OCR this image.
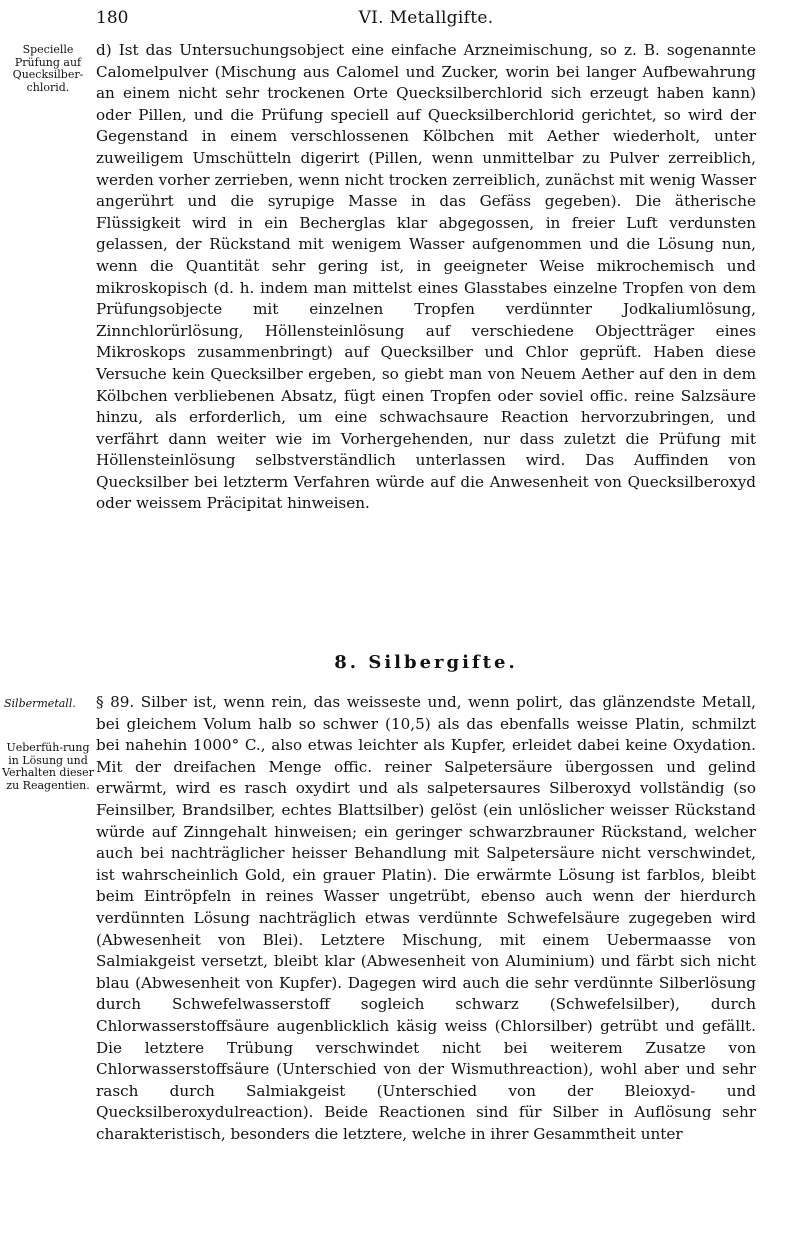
180	VI. Metallgifte.
Specielle Prüfung auf Quecksilber-chlorid.

d) Ist das Untersuchungsobject eine einfache Arzneimischung, so z. B. sogenannte Calomelpulver (Mischung aus Calomel und Zucker, worin bei langer Aufbewahrung an einem nicht sehr trockenen Orte Quecksilberchlorid sich erzeugt haben kann) oder Pillen, und die Prüfung speciell auf Quecksilberchlorid gerichtet, so wird der Gegenstand in einem verschlossenen Kölbchen mit Aether wiederholt, unter zuweiligem Umschütteln digerirt (Pillen, wenn unmittelbar zu Pulver zerreiblich, werden vorher zerrieben, wenn nicht trocken zerreiblich, zunächst mit wenig Wasser angerührt und die syrupige Masse in das Gefäss gegeben). Die ätherische Flüssigkeit wird in ein Becherglas klar abgegossen, in freier Luft verdunsten gelassen, der Rückstand mit wenigem Wasser aufgenommen und die Lösung nun, wenn die Quantität sehr gering ist, in geeigneter Weise mikrochemisch und mikroskopisch (d. h. indem man mittelst eines Glasstabes einzelne Tropfen von dem Prüfungsobjecte mit einzelnen Tropfen verdünnter Jodkaliumlösung, Zinnchlorürlösung, Höllensteinlösung auf verschiedene Objectträger eines Mikroskops zusammenbringt) auf Quecksilber und Chlor geprüft. Haben diese Versuche kein Quecksilber ergeben, so giebt man von Neuem Aether auf den in dem Kölbchen verbliebenen Absatz, fügt einen Tropfen oder soviel offic. reine Salzsäure hinzu, als erforderlich, um eine schwachsaure Reaction hervorzubringen, und verfährt dann weiter wie im Vorhergehenden, nur dass zuletzt die Prüfung mit Höllensteinlösung selbstverständlich unterlassen wird. Das Auffinden von Quecksilber bei letzterm Verfahren würde auf die Anwesenheit von Quecksilberoxyd oder weissem Präcipitat hinweisen.

8. Silbergifte.
Silbermetall.
Ueberfüh-rung in Lösung und Verhalten dieser zu Reagentien.

§ 89. Silber ist, wenn rein, das weisseste und, wenn polirt, das glänzendste Metall, bei gleichem Volum halb so schwer (10,5) als das ebenfalls weisse Platin, schmilzt bei nahehin 1000° C., also etwas leichter als Kupfer, erleidet dabei keine Oxydation. Mit der dreifachen Menge offic. reiner Salpetersäure übergossen und gelind erwärmt, wird es rasch oxydirt und als salpetersaures Silberoxyd vollständig (so Feinsilber, Brandsilber, echtes Blattsilber) gelöst (ein unlöslicher weisser Rückstand würde auf Zinngehalt hinweisen; ein geringer schwarzbrauner Rückstand, welcher auch bei nachträglicher heisser Behandlung mit Salpetersäure nicht verschwindet, ist wahrscheinlich Gold, ein grauer Platin). Die erwärmte Lösung ist farblos, bleibt beim Eintröpfeln in reines Wasser ungetrübt, ebenso auch wenn der hierdurch verdünnten Lösung nachträglich etwas verdünnte Schwefelsäure zugegeben wird (Abwesenheit von Blei). Letztere Mischung, mit einem Uebermaasse von Salmiakgeist versetzt, bleibt klar (Abwesenheit von Aluminium) und färbt sich nicht blau (Abwesenheit von Kupfer). Dagegen wird auch die sehr verdünnte Silberlösung durch Schwefelwasserstoff sogleich schwarz (Schwefelsilber), durch Chlorwasserstoffsäure augenblicklich käsig weiss (Chlorsilber) getrübt und gefällt. Die letztere Trübung verschwindet nicht bei weiterem Zusatze von Chlorwasserstoffsäure (Unterschied von der Wismuthreaction), wohl aber und sehr rasch durch Salmiakgeist (Unterschied von der Bleioxyd- und Quecksilberoxydulreaction). Beide Reactionen sind für Silber in Auflösung sehr charakteristisch, besonders die letztere, welche in ihrer Gesammtheit unter
